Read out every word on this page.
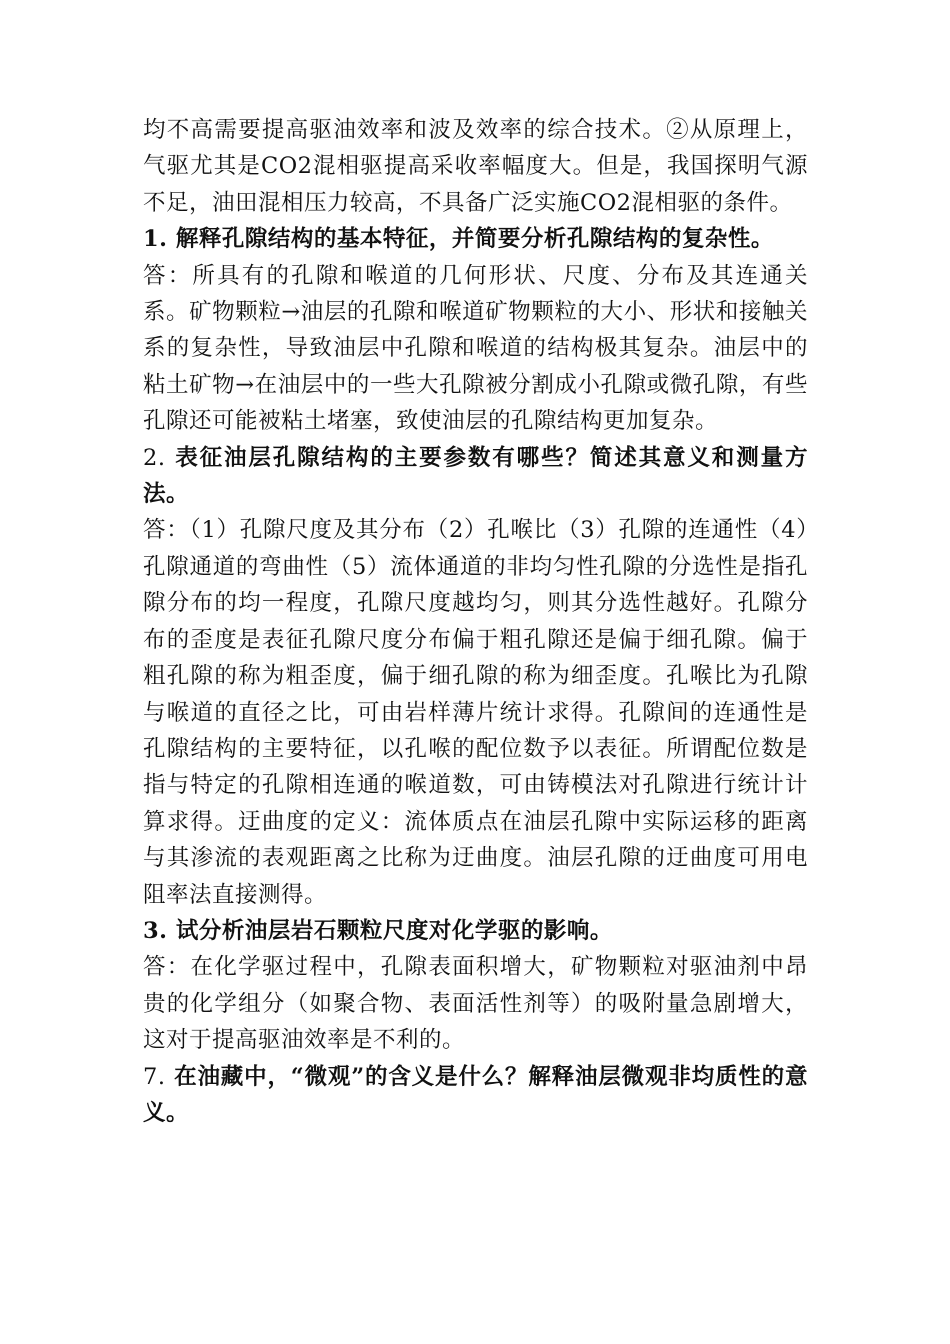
均不高需要提高驱油效率和波及效率的综合技术。②从原理上，气驱尤其是CO2混相驱提高采收率幅度大。但是，我国探明气源不足，油田混相压力较高，不具备广泛实施CO2混相驱的条件。

1. 解释孔隙结构的基本特征，并简要分析孔隙结构的复杂性。

答：所具有的孔隙和喉道的几何形状、尺度、分布及其连通关系。矿物颗粒→油层的孔隙和喉道矿物颗粒的大小、形状和接触关系的复杂性，导致油层中孔隙和喉道的结构极其复杂。油层中的粘土矿物→在油层中的一些大孔隙被分割成小孔隙或微孔隙，有些孔隙还可能被粘土堵塞，致使油层的孔隙结构更加复杂。

2. 表征油层孔隙结构的主要参数有哪些？简述其意义和测量方法。

答：（1）孔隙尺度及其分布（2）孔喉比（3）孔隙的连通性（4）孔隙通道的弯曲性（5）流体通道的非均匀性孔隙的分选性是指孔隙分布的均一程度，孔隙尺度越均匀，则其分选性越好。孔隙分布的歪度是表征孔隙尺度分布偏于粗孔隙还是偏于细孔隙。偏于粗孔隙的称为粗歪度，偏于细孔隙的称为细歪度。孔喉比为孔隙与喉道的直径之比，可由岩样薄片统计求得。孔隙间的连通性是孔隙结构的主要特征，以孔喉的配位数予以表征。所谓配位数是指与特定的孔隙相连通的喉道数，可由铸模法对孔隙进行统计计算求得。迂曲度的定义：流体质点在油层孔隙中实际运移的距离与其渗流的表观距离之比称为迂曲度。油层孔隙的迂曲度可用电阻率法直接测得。

3. 试分析油层岩石颗粒尺度对化学驱的影响。

答：在化学驱过程中，孔隙表面积增大，矿物颗粒对驱油剂中昂贵的化学组分（如聚合物、表面活性剂等）的吸附量急剧增大，这对于提高驱油效率是不利的。

7. 在油藏中，“微观”的含义是什么？解释油层微观非均质性的意义。
